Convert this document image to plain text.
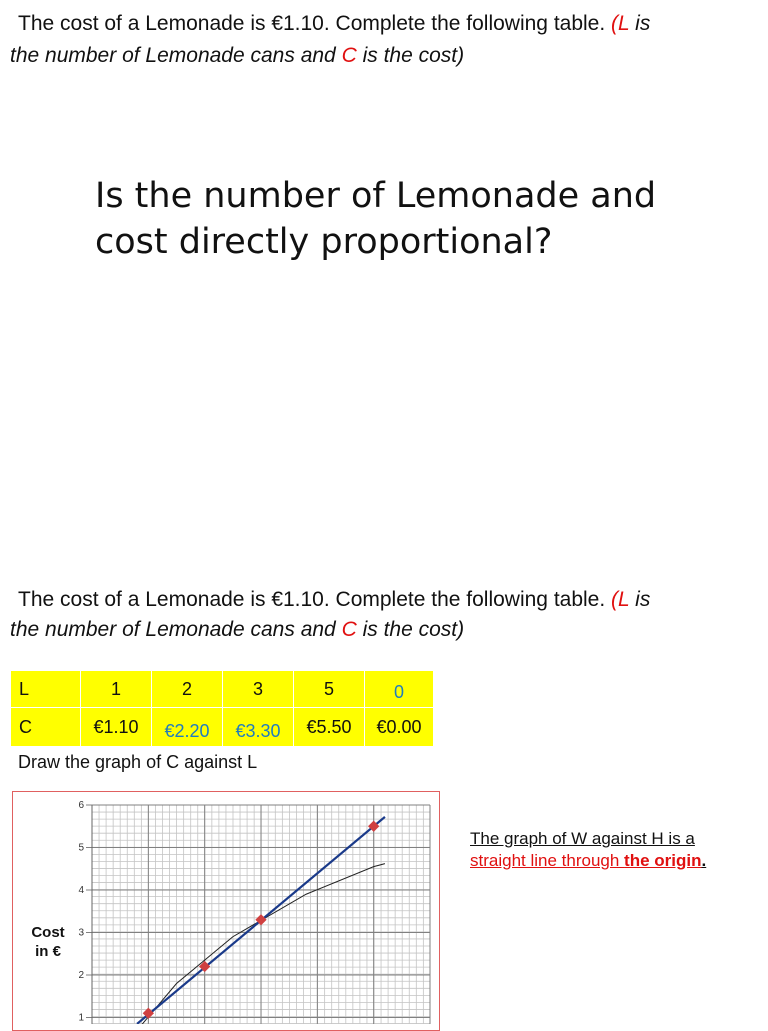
The cost of a Lemonade is €1.10. Complete the following table. (L is
the number of Lemonade cans and C is the cost)
Is the number of Lemonade and
cost directly proportional?
The cost of a Lemonade is €1.10. Complete the following table. (L is
the number of Lemonade cans and C is the cost)
L	1	2	3	5	0
C	€1.10	€2.20	€3.30	€5.50	€0.00
Draw the graph of C against L
1
2
3
4
5
6
Cost
in €
The graph of W against H is a
straight line through the origin.
